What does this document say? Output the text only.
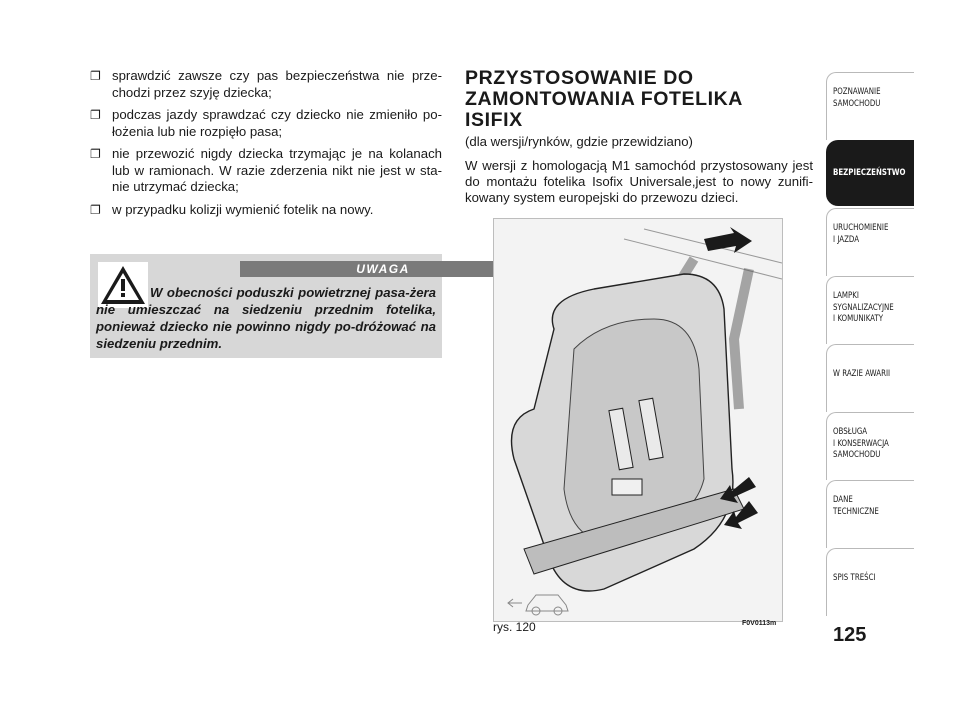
❐ sprawdzić zawsze czy pas bezpieczeństwa nie prze-chodzi przez szyję dziecka;
❐ podczas jazdy sprawdzać czy dziecko nie zmieniło po-łożenia lub nie rozpięło pasa;
❐ nie przewozić nigdy dziecka trzymając je na kolanach lub w ramionach. W razie zderzenia nikt nie jest w sta-nie utrzymać dziecka;
❐ w przypadku kolizji wymienić fotelik na nowy.
UWAGA
W obecności poduszki powietrznej pasa-żera nie umieszczać na siedzeniu przednim fotelika, ponieważ dziecko nie powinno nigdy po-dróżować na siedzeniu przednim.
PRZYSTOSOWANIE DO ZAMONTOWANIA FOTELIKA ISIFIX
(dla wersji/rynków, gdzie przewidziano)
W wersji z homologacją M1 samochód przystosowany jest do montażu fotelika Isofix Universale,jest to nowy zunifi-kowany system europejski do przewozu dzieci.
rys. 120	F0V0113m
POZNAWANIE
SAMOCHODU
BEZPIECZEŃSTWO
URUCHOMIENIE
I JAZDA
LAMPKI
SYGNALIZACYJNE
I KOMUNIKATY
W RAZIE AWARII
OBSŁUGA
I KONSERWACJA
SAMOCHODU
DANE
TECHNICZNE
SPIS TREŚCI
125
